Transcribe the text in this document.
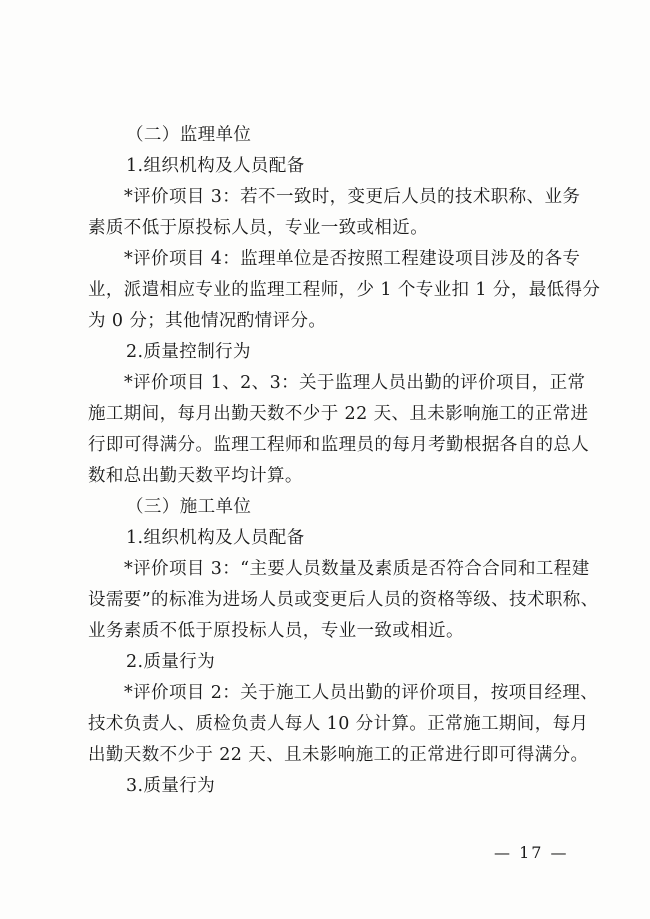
（二）监理单位
1.组织机构及人员配备
*评价项目 3：若不一致时，变更后人员的技术职称、业务
素质不低于原投标人员，专业一致或相近。
*评价项目 4：监理单位是否按照工程建设项目涉及的各专
业，派遣相应专业的监理工程师，少 1 个专业扣 1 分，最低得分
为 0 分；其他情况酌情评分。
2.质量控制行为
*评价项目 1、2、3：关于监理人员出勤的评价项目，正常
施工期间，每月出勤天数不少于 22 天、且未影响施工的正常进
行即可得满分。监理工程师和监理员的每月考勤根据各自的总人
数和总出勤天数平均计算。
（三）施工单位
1.组织机构及人员配备
*评价项目 3：“主要人员数量及素质是否符合合同和工程建
设需要”的标准为进场人员或变更后人员的资格等级、技术职称、
业务素质不低于原投标人员，专业一致或相近。
2.质量行为
*评价项目 2：关于施工人员出勤的评价项目，按项目经理、
技术负责人、质检负责人每人 10 分计算。正常施工期间，每月
出勤天数不少于 22 天、且未影响施工的正常进行即可得满分。
3.质量行为
— 17 —
